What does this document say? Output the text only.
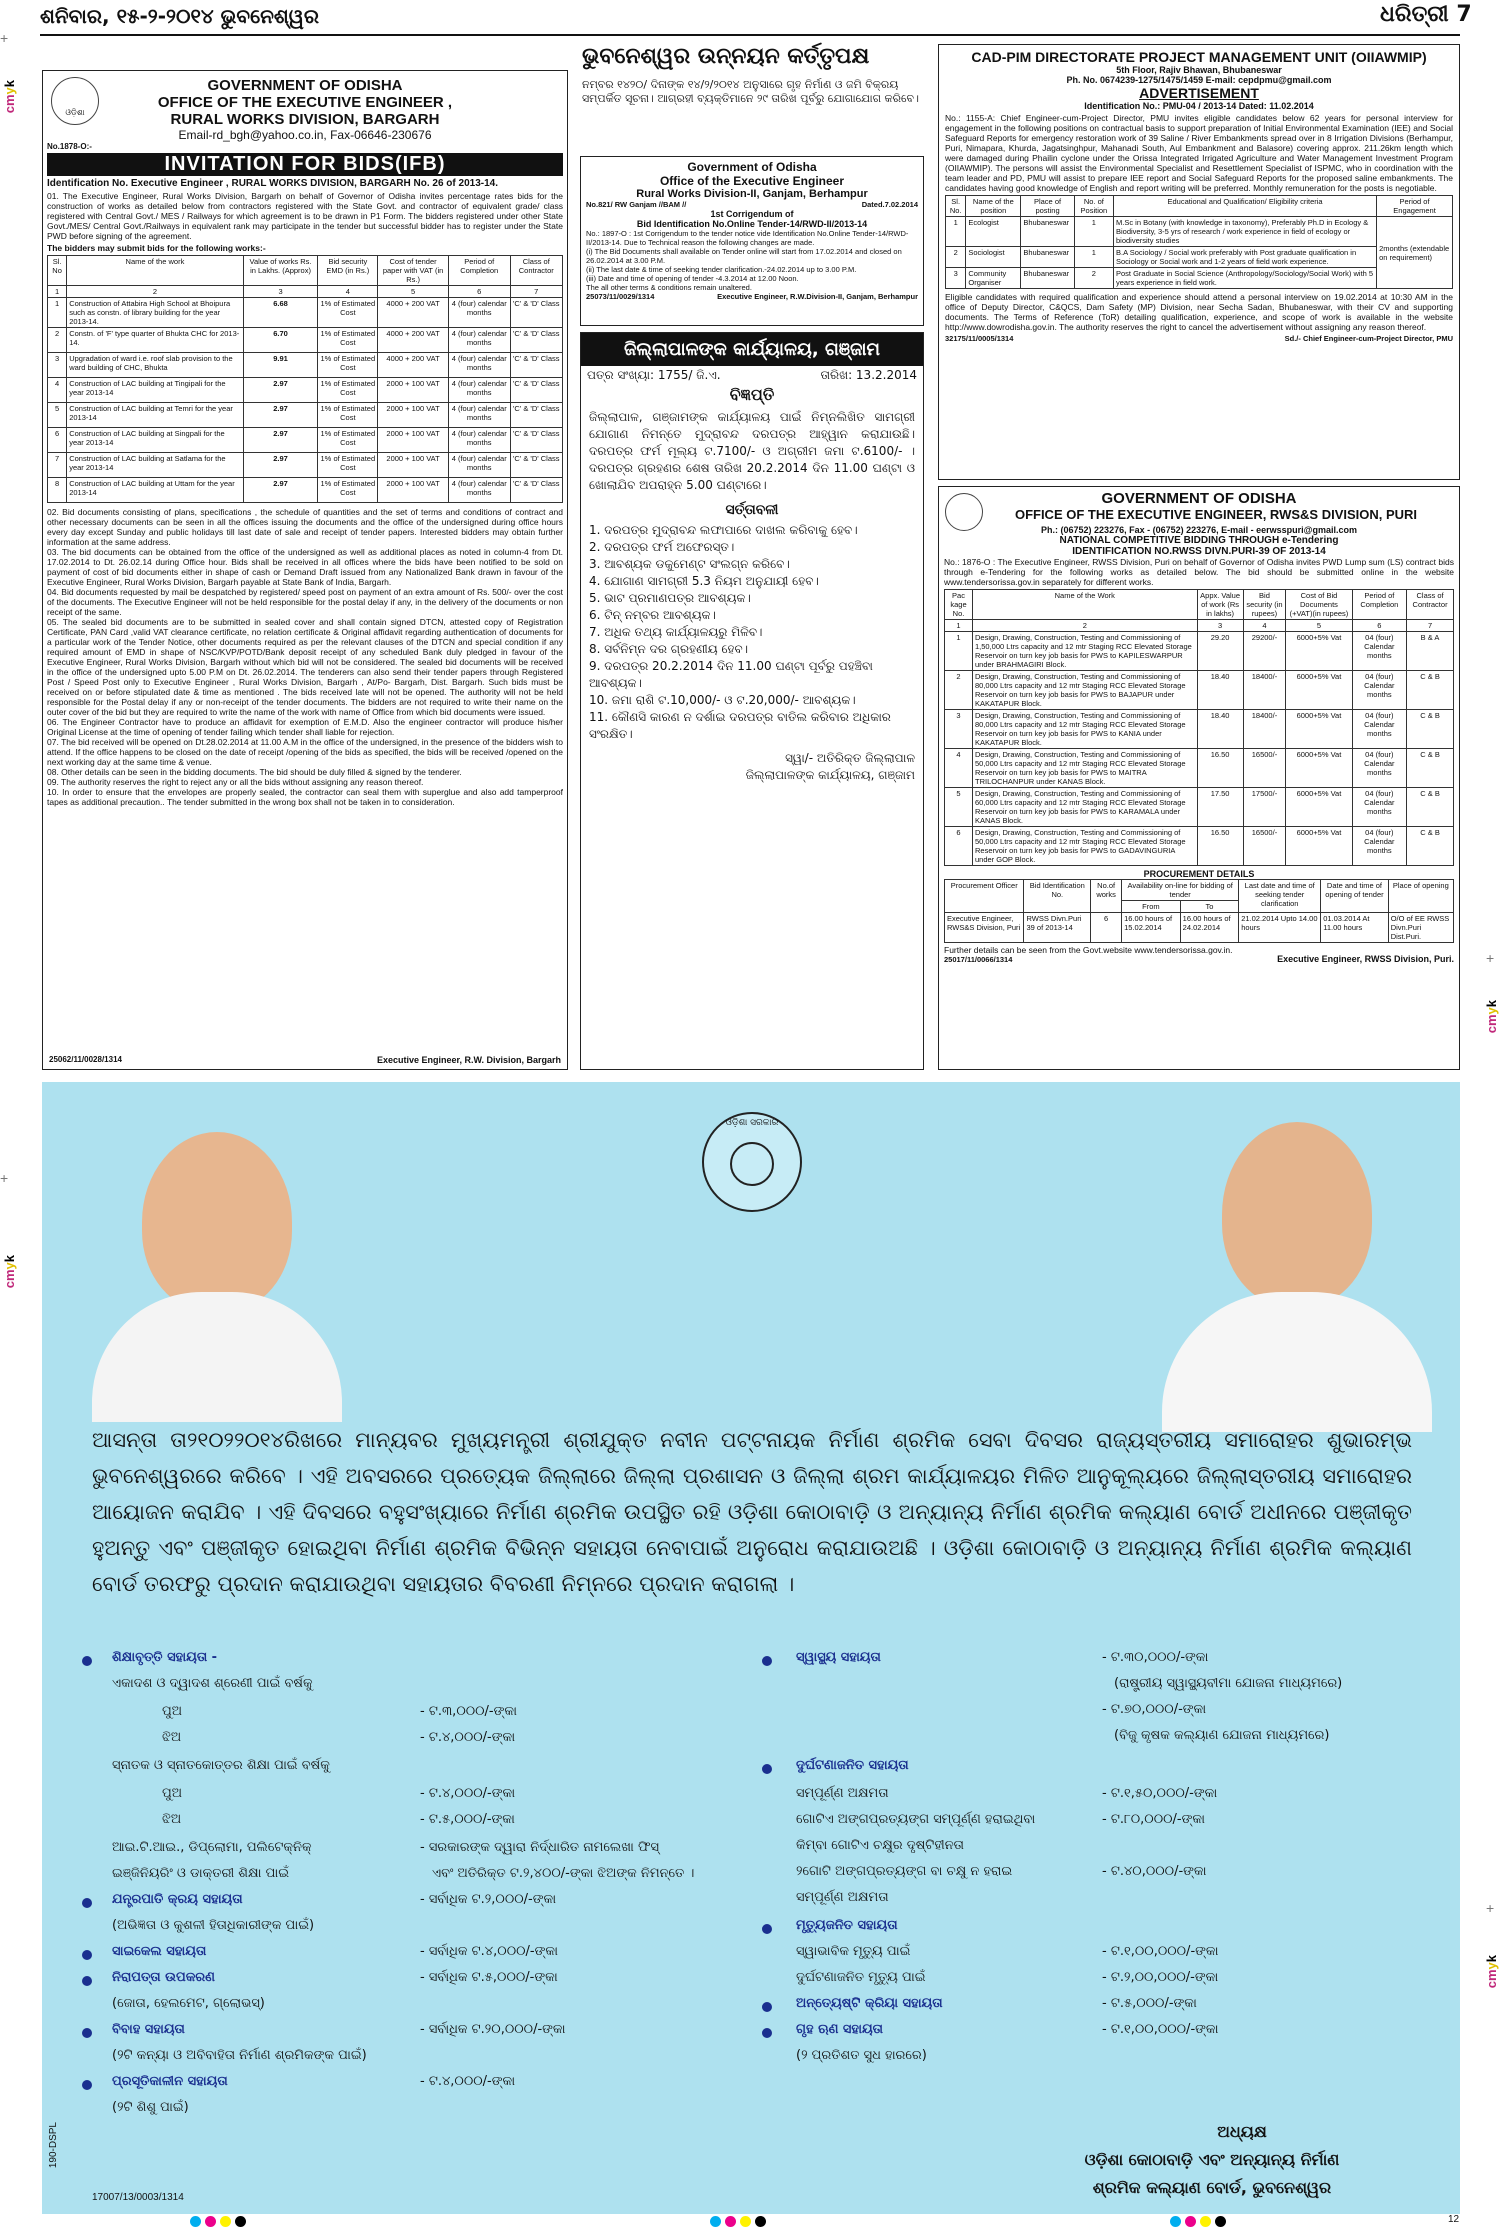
+
+
+
+
cmyk
cmyk
cmyk
cmyk
ଶନିବାର, ୧୫-୨-୨୦୧୪ ଭୁବନେଶ୍ୱର	ଧରିତ୍ରୀ 7
ଓଡ଼ିଶା
GOVERNMENT OF ODISHA
OFFICE OF THE EXECUTIVE ENGINEER ,
RURAL WORKS DIVISION, BARGARH
Email-rd_bgh@yahoo.co.in, Fax-06646-230676
No.1878-O:-
INVITATION FOR BIDS(IFB)
Identification No. Executive Engineer , RURAL WORKS DIVISION, BARGARH No. 26 of 2013-14.
01. The Executive Engineer, Rural Works Division, Bargarh on behalf of Governor of Odisha invites percentage rates bids for the construction of works as detailed below from contractors registered with the State Govt. and contractor of equivalent grade/ class registered with Central Govt./ MES / Railways for which agreement is to be drawn in P1 Form. The bidders registered under other State Govt./MES/ Central Govt./Railways in equivalent rank may participate in the tender but successful bidder has to register under the State PWD before signing of the agreement.
The bidders may submit bids for the following works:-
Sl. No	Name of the work	Value of works Rs. in Lakhs. (Approx)	Bid security EMD (in Rs.)	Cost of tender paper with VAT (in Rs.)	Period of Completion	Class of Contractor
1	2	3	4	5	6	7
1	Construction of Attabira High School at Bhoipura such as constn. of library building for the year 2013-14.	6.68	1% of Estimated Cost	4000 + 200 VAT	4 (four) calendar months	'C' & 'D' Class
2	Constn. of 'F' type quarter of Bhukta CHC for 2013-14.	6.70	1% of Estimated Cost	4000 + 200 VAT	4 (four) calendar months	'C' & 'D' Class
3	Upgradation of ward i.e. roof slab provision to the ward building of CHC, Bhukta	9.91	1% of Estimated Cost	4000 + 200 VAT	4 (four) calendar months	'C' & 'D' Class
4	Construction of LAC building at Tingipali for the year 2013-14	2.97	1% of Estimated Cost	2000 + 100 VAT	4 (four) calendar months	'C' & 'D' Class
5	Construction of LAC building at Temri for the year 2013-14	2.97	1% of Estimated Cost	2000 + 100 VAT	4 (four) calendar months	'C' & 'D' Class
6	Construction of LAC building at Singpali for the year 2013-14	2.97	1% of Estimated Cost	2000 + 100 VAT	4 (four) calendar months	'C' & 'D' Class
7	Construction of LAC building at Satlama for the year 2013-14	2.97	1% of Estimated Cost	2000 + 100 VAT	4 (four) calendar months	'C' & 'D' Class
8	Construction of LAC building at Uttam for the year 2013-14	2.97	1% of Estimated Cost	2000 + 100 VAT	4 (four) calendar months	'C' & 'D' Class
02. Bid documents consisting of plans, specifications , the schedule of quantities and the set of terms and conditions of contract and other necessary documents can be seen in all the offices issuing the documents and the office of the undersigned during office hours every day except Sunday and public holidays till last date of sale and receipt of tender papers. Interested bidders may obtain further information at the same address.
03. The bid documents can be obtained from the office of the undersigned as well as additional places as noted in column-4 from Dt. 17.02.2014 to Dt. 26.02.14 during Office hour. Bids shall be received in all offices where the bids have been notified to be sold on payment of cost of bid documents either in shape of cash or Demand Draft issued from any Nationalized Bank drawn in favour of the Executive Engineer, Rural Works Division, Bargarh payable at State Bank of India, Bargarh.
04. Bid documents requested by mail be despatched by registered/ speed post on payment of an extra amount of Rs. 500/- over the cost of the documents. The Executive Engineer will not be held responsible for the postal delay if any, in the delivery of the documents or non receipt of the same.
05. The sealed bid documents are to be submitted in sealed cover and shall contain signed DTCN, attested copy of Registration Certificate, PAN Card ,valid VAT clearance certificate, no relation certificate & Original affidavit regarding authentication of documents for a particular work of the Tender Notice, other documents required as per the relevant clauses of the DTCN and special condition if any required amount of EMD in shape of NSC/KVP/POTD/Bank deposit receipt of any scheduled Bank duly pledged in favour of the Executive Engineer, Rural Works Division, Bargarh without which bid will not be considered. The sealed bid documents will be received in the office of the undersigned upto 5.00 P.M on Dt. 26.02.2014. The tenderers can also send their tender papers through Registered Post / Speed Post only to Executive Engineer , Rural Works Division, Bargarh , At/Po- Bargarh, Dist. Bargarh. Such bids must be received on or before stipulated date & time as mentioned . The bids received late will not be opened. The authority will not be held responsible for the Postal delay if any or non-receipt of the tender documents. The bidders are not required to write their name on the outer cover of the bid but they are required to write the name of the work with name of Office from which bid documents were issued.
06. The Engineer Contractor have to produce an affidavit for exemption of E.M.D. Also the engineer contractor will produce his/her Original License at the time of opening of tender failing which tender shall liable for rejection.
07. The bid received will be opened on Dt.28.02.2014 at 11.00 A.M in the office of the undersigned, in the presence of the bidders wish to attend. If the office happens to be closed on the date of receipt /opening of the bids as specified, the bids will be received /opened on the next working day at the same time & venue.
08. Other details can be seen in the bidding documents. The bid should be duly filled & signed by the tenderer.
09. The authority reserves the right to reject any or all the bids without assigning any reason thereof.
10. In order to ensure that the envelopes are properly sealed, the contractor can seal them with superglue and also add tamperproof tapes as additional precaution.. The tender submitted in the wrong box shall not be taken in to consideration.
25062/11/0028/1314	Executive Engineer, R.W. Division, Bargarh
ଭୁବନେଶ୍ୱର ଉନ୍ନୟନ କର୍ତ୍ତୃପକ୍ଷ
ନମ୍ବର ୧୪୨୦/ ଦିନାଙ୍କ ୧୪/୨/୨୦୧୪ ଅନୁସାରେ ଗୃହ ନିର୍ମାଣ ଓ ଜମି ବିକ୍ରୟ ସମ୍ପର୍କିତ ସୂଚନା। ଆଗ୍ରହୀ ବ୍ୟକ୍ତିମାନେ ୨୯ ତାରିଖ ପୂର୍ବରୁ ଯୋଗାଯୋଗ କରିବେ।
Government of Odisha
Office of the Executive Engineer
Rural Works Division-II, Ganjam, Berhampur
No.821/ RW Ganjam //BAM //	Dated.7.02.2014
1st Corrigendum of
Bid Identification No.Online Tender-14/RWD-II/2013-14
No.: 1897-O : 1st Corrigendum to the tender notice vide Identification No.Online Tender-14/RWD-II/2013-14. Due to Technical reason the following changes are made.
(i) The Bid Documents shall available on Tender online will start from 17.02.2014 and closed on 26.02.2014 at 3.00 P.M.
(ii) The last date & time of seeking tender clarification.-24.02.2014 up to 3.00 P.M.
(iii) Date and time of opening of tender -4.3.2014 at 12.00 Noon.
The all other terms & conditions remain unaltered.
25073/11/0029/1314	Executive Engineer, R.W.Division-II, Ganjam, Berhampur
ଜିଲ୍ଲାପାଳଙ୍କ କାର୍ଯ୍ୟାଳୟ, ଗଞ୍ଜାମ
ପତ୍ର ସଂଖ୍ୟା: 1755/ ଜି.ଏ.	ତାରିଖ: 13.2.2014
ବିଜ୍ଞପ୍ତି
ଜିଲ୍ଲାପାଳ, ଗଞ୍ଜାମଙ୍କ କାର୍ଯ୍ୟାଳୟ ପାଇଁ ନିମ୍ନଲିଖିତ ସାମଗ୍ରୀ ଯୋଗାଣ ନିମନ୍ତେ ମୁଦ୍ରାବନ୍ଦ ଦରପତ୍ର ଆହ୍ୱାନ କରାଯାଉଛି। ଦରପତ୍ର ଫର୍ମ ମୂଲ୍ୟ ଟ.7100/- ଓ ଅଗ୍ରୀମ ଜମା ଟ.6100/- । ଦରପତ୍ର ଗ୍ରହଣର ଶେଷ ତାରିଖ 20.2.2014 ଦିନ 11.00 ଘଣ୍ଟା ଓ ଖୋଲାଯିବ ଅପରାହ୍ନ 5.00 ଘଣ୍ଟାରେ।
ସର୍ତ୍ତାବଳୀ
1. ଦରପତ୍ର ମୁଦ୍ରାବନ୍ଦ ଲଫାପାରେ ଦାଖଲ କରିବାକୁ ହେବ।
2. ଦରପତ୍ର ଫର୍ମ ଅଫେରସ୍ତ।
3. ଆବଶ୍ୟକ ଡକୁମେଣ୍ଟ ସଂଲଗ୍ନ କରିବେ।
4. ଯୋଗାଣ ସାମଗ୍ରୀ 5.3 ନିୟମ ଅନୁଯାୟୀ ହେବ।
5. ଭାଟ ପ୍ରମାଣପତ୍ର ଆବଶ୍ୟକ।
6. ଟିନ୍ ନମ୍ବର ଆବଶ୍ୟକ।
7. ଅଧିକ ତଥ୍ୟ କାର୍ଯ୍ୟାଳୟରୁ ମିଳିବ।
8. ସର୍ବନିମ୍ନ ଦର ଗ୍ରହଣୀୟ ହେବ।
9. ଦରପତ୍ର 20.2.2014 ଦିନ 11.00 ଘଣ୍ଟା ପୂର୍ବରୁ ପହଞ୍ଚିବା ଆବଶ୍ୟକ।
10. ଜମା ରାଶି ଟ.10,000/- ଓ ଟ.20,000/- ଆବଶ୍ୟକ।
11. କୌଣସି କାରଣ ନ ଦର୍ଶାଇ ଦରପତ୍ର ବାତିଲ କରିବାର ଅଧିକାର ସଂରକ୍ଷିତ।
ସ୍ୱା/- ଅତିରିକ୍ତ ଜିଲ୍ଲାପାଳ
ଜିଲ୍ଲାପାଳଙ୍କ କାର୍ଯ୍ୟାଳୟ, ଗଞ୍ଜାମ
CAD-PIM DIRECTORATE PROJECT MANAGEMENT UNIT (OIIAWMIP)
5th Floor, Rajiv Bhawan, Bhubaneswar
Ph. No. 0674239-1275/1475/1459 E-mail: cepdpmu@gmail.com
ADVERTISEMENT
Identification No.: PMU-04 / 2013-14 Dated: 11.02.2014
No.: 1155-A: Chief Engineer-cum-Project Director, PMU invites eligible candidates below 62 years for personal interview for engagement in the following positions on contractual basis to support preparation of Initial Environmental Examination (IEE) and Social Safeguard Reports for emergency restoration work of 39 Saline / River Embankments spread over in 8 Irrigation Divisions (Berhampur, Puri, Nimapara, Khurda, Jagatsinghpur, Mahanadi South, Aul Embankment and Balasore) covering approx. 211.26km length which were damaged during Phailin cyclone under the Orissa Integrated Irrigated Agriculture and Water Management Investment Program (OIIAWMIP). The persons will assist the Environmental Specialist and Resettlement Specialist of ISPMC, who in coordination with the team leader and PD, PMU will assist to prepare IEE report and Social Safeguard Reports for the proposed saline embankments. The candidates having good knowledge of English and report writing will be preferred. Monthly remuneration for the posts is negotiable.
Sl. No.	Name of the position	Place of posting	No. of Position	Educational and Qualification/ Eligibility criteria	Period of Engagement
1	Ecologist	Bhubaneswar	1	M.Sc in Botany (with knowledge in taxonomy), Preferably Ph.D in Ecology & Biodiversity, 3-5 yrs of research / work experience in field of ecology or biodiversity studies	2months (extendable on requirement)
2	Sociologist	Bhubaneswar	1	B.A Sociology / Social work preferably with Post graduate qualification in Sociology or Social work and 1-2 years of field work experience.	
3	Community Organiser	Bhubaneswar	2	Post Graduate in Social Science (Anthropology/Sociology/Social Work) with 5 years experience in field work.	
Eligible candidates with required qualification and experience should attend a personal interview on 19.02.2014 at 10:30 AM in the office of Deputy Director, C&QCS, Dam Safety (MP) Division, near Secha Sadan, Bhubaneswar, with their CV and supporting documents. The Terms of Reference (ToR) detailing qualification, experience, and scope of work is available in the website http://www.dowrodisha.gov.in. The authority reserves the right to cancel the advertisement without assigning any reason thereof.
32175/11/0005/1314	Sd./- Chief Engineer-cum-Project Director, PMU
GOVERNMENT OF ODISHA
OFFICE OF THE EXECUTIVE ENGINEER, RWS&S DIVISION, PURI
Ph.: (06752) 223276, Fax - (06752) 223276, E-mail - eerwsspuri@gmail.com
NATIONAL COMPETITIVE BIDDING THROUGH e-Tendering
IDENTIFICATION NO.RWSS DIVN.PURI-39 OF 2013-14
No.: 1876-O : The Executive Engineer, RWSS Division, Puri on behalf of Governor of Odisha invites PWD Lump sum (LS) contract bids through e-Tendering for the following works as detailed below. The bid should be submitted online in the website www.tendersorissa.gov.in separately for different works.
Pac kage No.	Name of the Work	Appx. Value of work (Rs in lakhs)	Bid security (in rupees)	Cost of Bid Documents (+VAT)(in rupees)	Period of Completion	Class of Contractor
1	2	3	4	5	6	7
1	Design, Drawing, Construction, Testing and Commissioning of 1,50,000 Ltrs capacity and 12 mtr Staging RCC Elevated Storage Reservoir on turn key job basis for PWS to KAPILESWARPUR under BRAHMAGIRI Block.	29.20	29200/-	6000+5% Vat	04 (four) Calendar months	B & A
2	Design, Drawing, Construction, Testing and Commissioning of 80,000 Ltrs capacity and 12 mtr Staging RCC Elevated Storage Reservoir on turn key job basis for PWS to BAJAPUR under KAKATAPUR Block.	18.40	18400/-	6000+5% Vat	04 (four) Calendar months	C & B
3	Design, Drawing, Construction, Testing and Commissioning of 80,000 Ltrs capacity and 12 mtr Staging RCC Elevated Storage Reservoir on turn key job basis for PWS to KANIA under KAKATAPUR Block.	18.40	18400/-	6000+5% Vat	04 (four) Calendar months	C & B
4	Design, Drawing, Construction, Testing and Commissioning of 50,000 Ltrs capacity and 12 mtr Staging RCC Elevated Storage Reservoir on turn key job basis for PWS to MAITRA TRILOCHANPUR under KANAS Block.	16.50	16500/-	6000+5% Vat	04 (four) Calendar months	C & B
5	Design, Drawing, Construction, Testing and Commissioning of 60,000 Ltrs capacity and 12 mtr Staging RCC Elevated Storage Reservoir on turn key job basis for PWS to KARAMALA under KANAS Block.	17.50	17500/-	6000+5% Vat	04 (four) Calendar months	C & B
6	Design, Drawing, Construction, Testing and Commissioning of 50,000 Ltrs capacity and 12 mtr Staging RCC Elevated Storage Reservoir on turn key job basis for PWS to GADAVINGURIA under GOP Block.	16.50	16500/-	6000+5% Vat	04 (four) Calendar months	C & B
PROCUREMENT DETAILS
Procurement Officer	Bid Identification No.	No.of works	Availability on-line for bidding of tender		Last date and time of seeking tender clarification	Date and time of opening of tender	Place of opening
			From	To			
Executive Engineer, RWS&S Division, Puri	RWSS Divn.Puri 39 of 2013-14	6	16.00 hours of 15.02.2014	16.00 hours of 24.02.2014	21.02.2014 Upto 14.00 hours	01.03.2014 At 11.00 hours	O/O of EE RWSS Divn.Puri Dist.Puri.
Further details can be seen from the Govt.website www.tendersorissa.gov.in.
25017/11/0066/1314	Executive Engineer, RWSS Division, Puri.
ଓଡ଼ିଶା ସରକାର
ଆସନ୍ତା ତା୨୧୦୨୨୦୧୪ରିଖରେ ମାନ୍ୟବର ମୁଖ୍ୟମନ୍ତ୍ରୀ ଶ୍ରୀଯୁକ୍ତ ନବୀନ ପଟ୍ଟନାୟକ ନିର୍ମାଣ ଶ୍ରମିକ ସେବା ଦିବସର ରାଜ୍ୟସ୍ତରୀୟ ସମାରୋହର ଶୁଭାରମ୍ଭ ଭୁବନେଶ୍ୱରରେ କରିବେ । ଏହି ଅବସରରେ ପ୍ରତ୍ୟେକ ଜିଲ୍ଲାରେ ଜିଲ୍ଲା ପ୍ରଶାସନ ଓ ଜିଲ୍ଲା ଶ୍ରମ କାର୍ଯ୍ୟାଳୟର ମିଳିତ ଆନୁକୂଲ୍ୟରେ ଜିଲ୍ଲାସ୍ତରୀୟ ସମାରୋହର ଆୟୋଜନ କରାଯିବ । ଏହି ଦିବସରେ ବହୁସଂଖ୍ୟାରେ ନିର୍ମାଣ ଶ୍ରମିକ ଉପସ୍ଥିତ ରହି ଓଡ଼ିଶା କୋଠାବାଡ଼ି ଓ ଅନ୍ୟାନ୍ୟ ନିର୍ମାଣ ଶ୍ରମିକ କଲ୍ୟାଣ ବୋର୍ଡ ଅଧୀନରେ ପଞ୍ଜୀକୃତ ହୁଅନ୍ତୁ ଏବଂ ପଞ୍ଜୀକୃତ ହୋଇଥିବା ନିର୍ମାଣ ଶ୍ରମିକ ବିଭିନ୍ନ ସହାୟତା ନେବାପାଇଁ ଅନୁରୋଧ କରାଯାଉଅଛି । ଓଡ଼ିଶା କୋଠାବାଡ଼ି ଓ ଅନ୍ୟାନ୍ୟ ନିର୍ମାଣ ଶ୍ରମିକ କଲ୍ୟାଣ ବୋର୍ଡ ତରଫରୁ ପ୍ରଦାନ କରାଯାଉଥିବା ସହାୟତାର ବିବରଣୀ ନିମ୍ନରେ ପ୍ରଦାନ କରାଗଲା ।
ଶିକ୍ଷାବୃତ୍ତି ସହାୟତା -
ଏକାଦଶ ଓ ଦ୍ୱାଦଶ ଶ୍ରେଣୀ ପାଇଁ ବର୍ଷକୁ
ପୁଅ	- ଟ.୩,୦୦୦/-ଙ୍କା
ଝିଅ	- ଟ.୪,୦୦୦/-ଙ୍କା
ସ୍ନାତକ ଓ ସ୍ନାତକୋତ୍ତର ଶିକ୍ଷା ପାଇଁ ବର୍ଷକୁ
ପୁଅ	- ଟ.୪,୦୦୦/-ଙ୍କା
ଝିଅ	- ଟ.୫,୦୦୦/-ଙ୍କା
ଆଇ.ଟି.ଆଇ., ଡିପ୍ଲୋମା, ପଲିଟେକ୍‌ନିକ୍	- ସରକାରଙ୍କ ଦ୍ୱାରା ନିର୍ଦ୍ଧାରିତ ନାମଲେଖା ଫିସ୍
ଇଞ୍ଜିନିୟରିଂ ଓ ଡାକ୍ତରୀ ଶିକ୍ଷା ପାଇଁ	ଏବଂ ଅତିରିକ୍ତ ଟ.୨,୪୦୦/-ଙ୍କା ଝିଅଙ୍କ ନିମନ୍ତେ ।
ଯନ୍ତ୍ରପାତି କ୍ରୟ ସହାୟତା	- ସର୍ବାଧିକ ଟ.୨,୦୦୦/-ଙ୍କା
(ଅଭିଜ୍ଞତା ଓ କୁଶଳୀ ହିତାଧିକାରୀଙ୍କ ପାଇଁ)
ସାଇକେଲ ସହାୟତା	- ସର୍ବାଧିକ ଟ.୪,୦୦୦/-ଙ୍କା
ନିରାପତ୍ତା ଉପକରଣ	- ସର୍ବାଧିକ ଟ.୫,୦୦୦/-ଙ୍କା
(ଜୋତା, ହେଲମେଟ, ଗ୍ଲୋଭସ୍)
ବିବାହ ସହାୟତା	- ସର୍ବାଧିକ ଟ.୨୦,୦୦୦/-ଙ୍କା
(୨ଟି କନ୍ୟା ଓ ଅବିବାହିତା ନିର୍ମାଣ ଶ୍ରମିକଙ୍କ ପାଇଁ)
ପ୍ରସୂତିକାଳୀନ ସହାୟତା	- ଟ.୪,୦୦୦/-ଙ୍କା
(୨ଟି ଶିଶୁ ପାଇଁ)
ସ୍ୱାସ୍ଥ୍ୟ ସହାୟତା	- ଟ.୩୦,୦୦୦/-ଙ୍କା
(ରାଷ୍ଟ୍ରୀୟ ସ୍ୱାସ୍ଥ୍ୟବୀମା ଯୋଜନା ମାଧ୍ୟମରେ)
- ଟ.୭୦,୦୦୦/-ଙ୍କା
(ବିଜୁ କୃଷକ କଲ୍ୟାଣ ଯୋଜନା ମାଧ୍ୟମରେ)
ଦୁର୍ଘଟଣାଜନିତ ସହାୟତା
ସମ୍ପୂର୍ଣ୍ଣ ଅକ୍ଷମତା	- ଟ.୧,୫୦,୦୦୦/-ଙ୍କା
ଗୋଟିଏ ଅଙ୍ଗପ୍ରତ୍ୟଙ୍ଗ ସମ୍ପୂର୍ଣ୍ଣ ହରାଇଥିବା	- ଟ.୮୦,୦୦୦/-ଙ୍କା
କିମ୍ବା ଗୋଟିଏ ଚକ୍ଷୁର ଦୃଷ୍ଟିହୀନତା
୨ଗୋଟି ଅଙ୍ଗପ୍ରତ୍ୟଙ୍ଗ ବା ଚକ୍ଷୁ ନ ହରାଇ	- ଟ.୪୦,୦୦୦/-ଙ୍କା
ସମ୍ପୂର୍ଣ୍ଣ ଅକ୍ଷମତା
ମୃତ୍ୟୁଜନିତ ସହାୟତା
ସ୍ୱାଭାବିକ ମୃତ୍ୟୁ ପାଇଁ	- ଟ.୧,୦୦,୦୦୦/-ଙ୍କା
ଦୁର୍ଘଟଣାଜନିତ ମୃତ୍ୟୁ ପାଇଁ	- ଟ.୨,୦୦,୦୦୦/-ଙ୍କା
ଅନ୍ତ୍ୟେଷ୍ଟି କ୍ରିୟା ସହାୟତା	- ଟ.୫,୦୦୦/-ଙ୍କା
ଗୃହ ଋଣ ସହାୟତା	- ଟ.୧,୦୦,୦୦୦/-ଙ୍କା
(୨ ପ୍ରତିଶତ ସୁଧ ହାରରେ)
ଅଧ୍ୟକ୍ଷ
ଓଡ଼ିଶା କୋଠାବାଡ଼ି ଏବଂ ଅନ୍ୟାନ୍ୟ ନିର୍ମାଣ
ଶ୍ରମିକ କଲ୍ୟାଣ ବୋର୍ଡ, ଭୁବନେଶ୍ୱର
17007/13/0003/1314
190-DSPL
12
